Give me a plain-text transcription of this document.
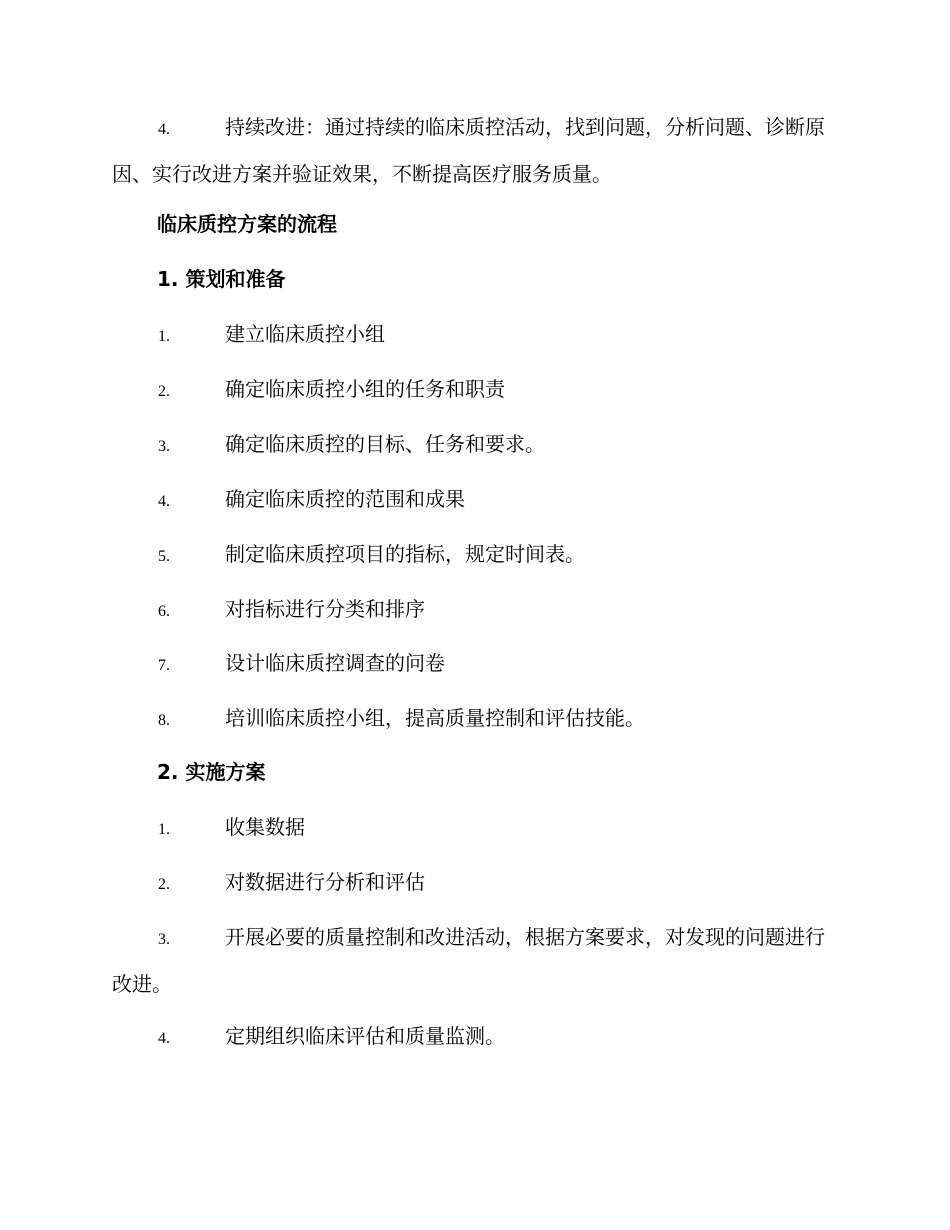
4.	持续改进：通过持续的临床质控活动，找到问题，分析问题、诊断原因、实行改进方案并验证效果，不断提高医疗服务质量。
临床质控方案的流程
1. 策划和准备
1.	建立临床质控小组
2.	确定临床质控小组的任务和职责
3.	确定临床质控的目标、任务和要求。
4.	确定临床质控的范围和成果
5.	制定临床质控项目的指标，规定时间表。
6.	对指标进行分类和排序
7.	设计临床质控调查的问卷
8.	培训临床质控小组，提高质量控制和评估技能。
2. 实施方案
1.	收集数据
2.	对数据进行分析和评估
3.	开展必要的质量控制和改进活动，根据方案要求，对发现的问题进行改进。
4.	定期组织临床评估和质量监测。
